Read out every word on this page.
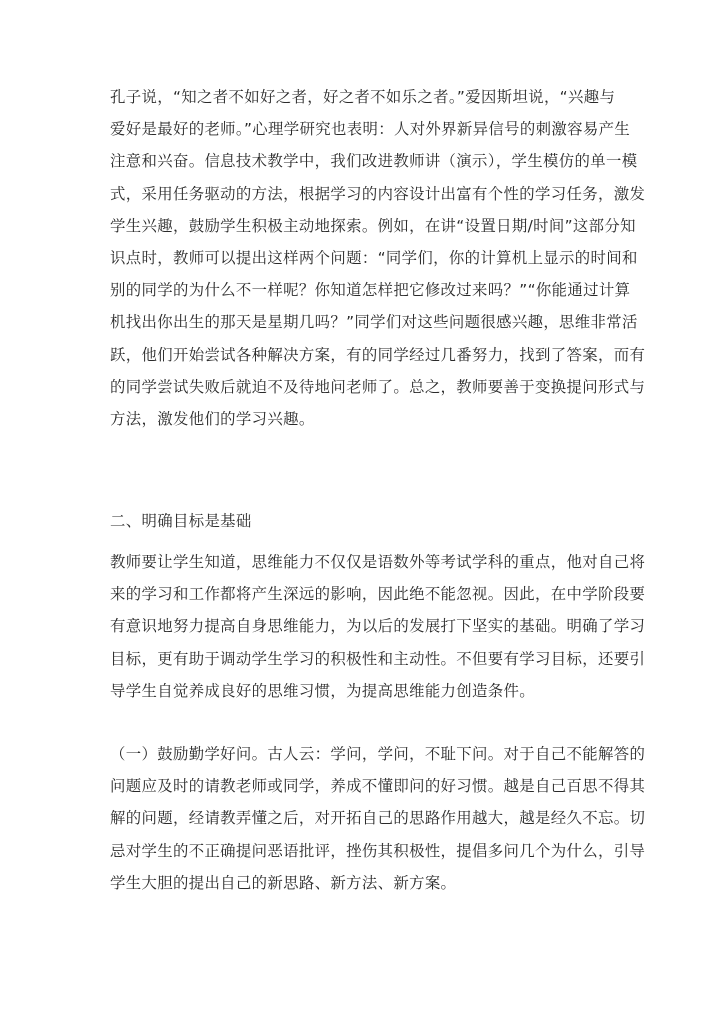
孔子说，“知之者不如好之者，好之者不如乐之者。”爱因斯坦说，“兴趣与
爱好是最好的老师。”心理学研究也表明：人对外界新异信号的刺激容易产生
注意和兴奋。信息技术教学中，我们改进教师讲（演示），学生模仿的单一模
式，采用任务驱动的方法，根据学习的内容设计出富有个性的学习任务，激发
学生兴趣，鼓励学生积极主动地探索。例如，在讲“设置日期/时间”这部分知
识点时，教师可以提出这样两个问题：“同学们，你的计算机上显示的时间和
别的同学的为什么不一样呢？你知道怎样把它修改过来吗？”“你能通过计算
机找出你出生的那天是星期几吗？”同学们对这些问题很感兴趣，思维非常活
跃，他们开始尝试各种解决方案，有的同学经过几番努力，找到了答案，而有
的同学尝试失败后就迫不及待地问老师了。总之，教师要善于变换提问形式与
方法，激发他们的学习兴趣。
二、明确目标是基础
教师要让学生知道，思维能力不仅仅是语数外等考试学科的重点，他对自己将
来的学习和工作都将产生深远的影响，因此绝不能忽视。因此，在中学阶段要
有意识地努力提高自身思维能力，为以后的发展打下坚实的基础。明确了学习
目标，更有助于调动学生学习的积极性和主动性。不但要有学习目标，还要引
导学生自觉养成良好的思维习惯，为提高思维能力创造条件。
（一）鼓励勤学好问。古人云：学问，学问，不耻下问。对于自己不能解答的
问题应及时的请教老师或同学，养成不懂即问的好习惯。越是自己百思不得其
解的问题，经请教弄懂之后，对开拓自己的思路作用越大，越是经久不忘。切
忌对学生的不正确提问恶语批评，挫伤其积极性，提倡多问几个为什么，引导
学生大胆的提出自己的新思路、新方法、新方案。
